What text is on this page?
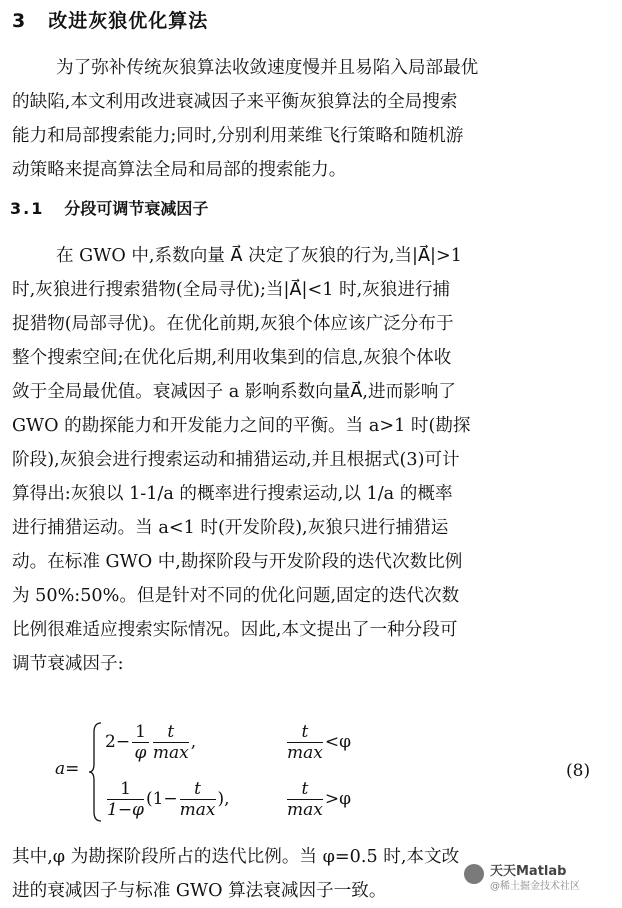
3 改进灰狼优化算法
为了弥补传统灰狼算法收敛速度慢并且易陷入局部最优
的缺陷,本文利用改进衰减因子来平衡灰狼算法的全局搜索
能力和局部搜索能力;同时,分别利用莱维飞行策略和随机游
动策略来提高算法全局和局部的搜索能力。
3.1 分段可调节衰减因子
在 GWO 中,系数向量 A⃗ 决定了灰狼的行为,当|A⃗|>1
时,灰狼进行搜索猎物(全局寻优);当|A⃗|<1 时,灰狼进行捕
捉猎物(局部寻优)。在优化前期,灰狼个体应该广泛分布于
整个搜索空间;在优化后期,利用收集到的信息,灰狼个体收
敛于全局最优值。衰减因子 a 影响系数向量A⃗,进而影响了
GWO 的勘探能力和开发能力之间的平衡。当 a>1 时(勘探
阶段),灰狼会进行搜索运动和捕猎运动,并且根据式(3)可计
算得出:灰狼以 1-1/a 的概率进行搜索运动,以 1/a 的概率
进行捕猎运动。当 a<1 时(开发阶段),灰狼只进行捕猎运
动。在标准 GWO 中,勘探阶段与开发阶段的迭代次数比例
为 50%:50%。但是针对不同的优化问题,固定的迭代次数
比例很难适应搜索实际情况。因此,本文提出了一种分段可
调节衰减因子:
a=
$2- \frac{1}{\varphi} \frac{t}{\max}$ ,	$\frac{t}{\max} <\varphi$
$\frac{1}{1-\varphi} (1- \frac{t}{\max}$ ),	$\frac{t}{\max} >\varphi$
(8)
其中,φ 为勘探阶段所占的迭代比例。当 φ=0.5 时,本文改
进的衰减因子与标准 GWO 算法衰减因子一致。
天天Matlab
@稀土掘金技术社区
